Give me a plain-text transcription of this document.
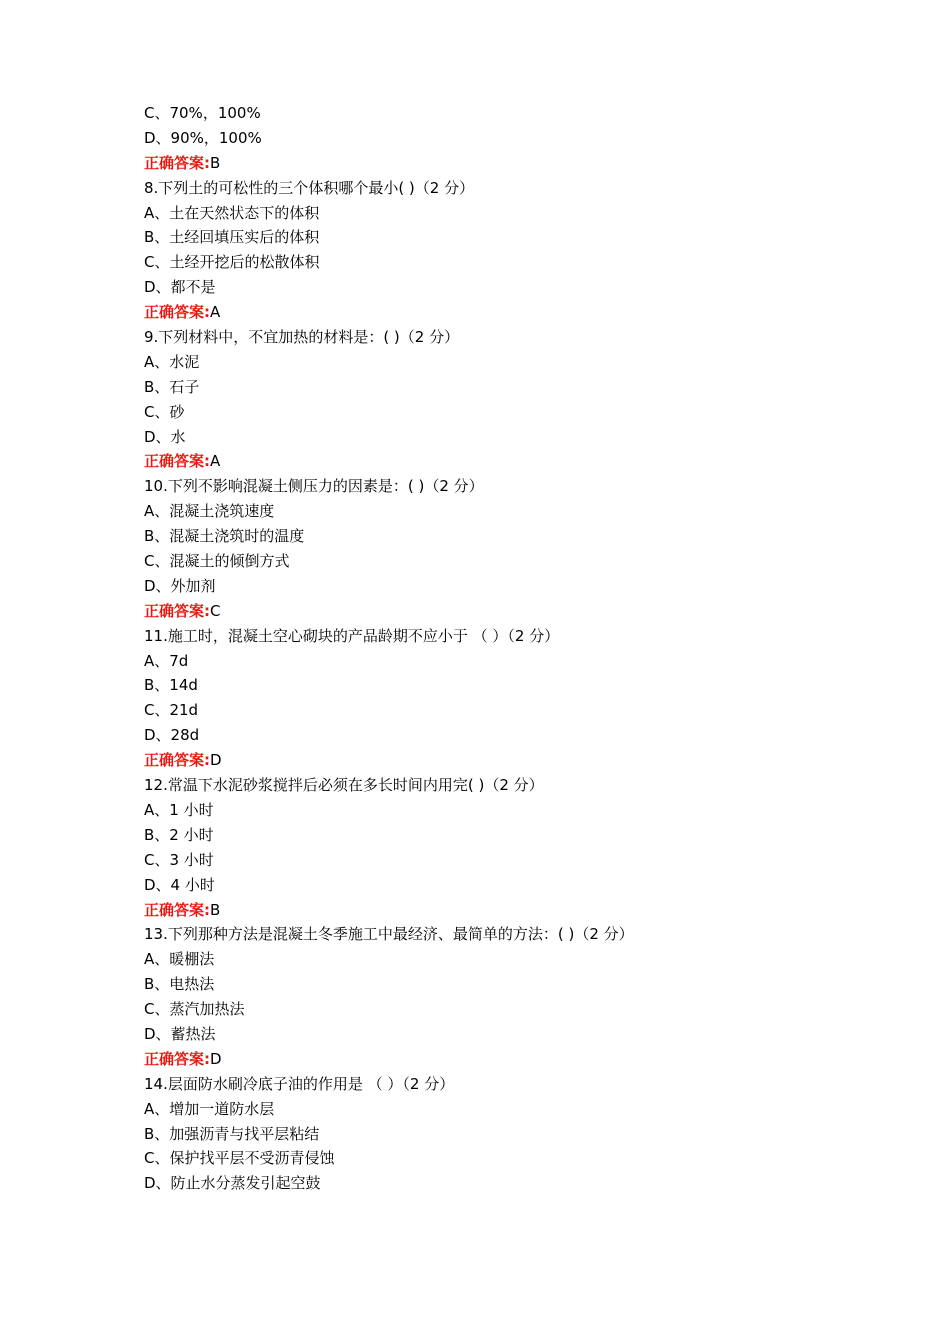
C、70%，100%
D、90%，100%
正确答案:B
8.下列土的可松性的三个体积哪个最小( )（2 分）
A、土在天然状态下的体积
B、土经回填压实后的体积
C、土经开挖后的松散体积
D、都不是
正确答案:A
9.下列材料中，不宜加热的材料是：( )（2 分）
A、水泥
B、石子
C、砂
D、水
正确答案:A
10.下列不影响混凝土侧压力的因素是：( )（2 分）
A、混凝土浇筑速度
B、混凝土浇筑时的温度
C、混凝土的倾倒方式
D、外加剂
正确答案:C
11.施工时，混凝土空心砌块的产品龄期不应小于 （ ）（2 分）
A、7d
B、14d
C、21d
D、28d
正确答案:D
12.常温下水泥砂浆搅拌后必须在多长时间内用完( )（2 分）
A、1 小时
B、2 小时
C、3 小时
D、4 小时
正确答案:B
13.下列那种方法是混凝土冬季施工中最经济、最简单的方法：( )（2 分）
A、暖棚法
B、电热法
C、蒸汽加热法
D、蓄热法
正确答案:D
14.层面防水刷冷底子油的作用是 （ ）（2 分）
A、增加一道防水层
B、加强沥青与找平层粘结
C、保护找平层不受沥青侵蚀
D、防止水分蒸发引起空鼓
